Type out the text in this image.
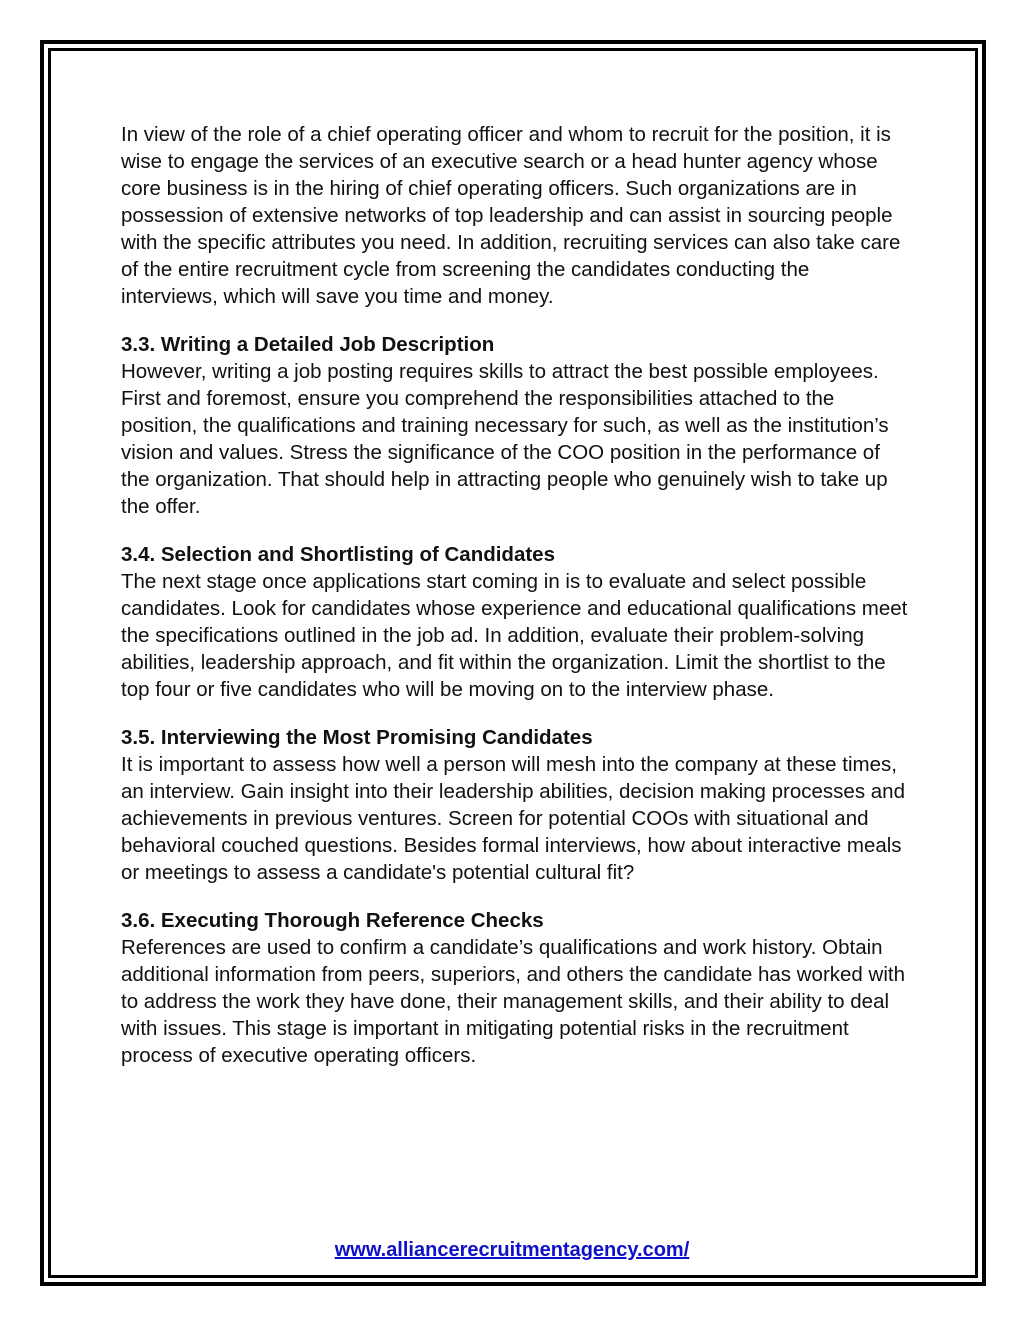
In view of the role of a chief operating officer and whom to recruit for the position, it is wise to engage the services of an executive search or a head hunter agency whose core business is in the hiring of chief operating officers. Such organizations are in possession of extensive networks of top leadership and can assist in sourcing people with the specific attributes you need. In addition, recruiting services can also take care of the entire recruitment cycle from screening the candidates conducting the interviews, which will save you time and money.

3.3. Writing a Detailed Job Description

However, writing a job posting requires skills to attract the best possible employees. First and foremost, ensure you comprehend the responsibilities attached to the position, the qualifications and training necessary for such, as well as the institution’s vision and values. Stress the significance of the COO position in the performance of the organization. That should help in attracting people who genuinely wish to take up the offer.

3.4. Selection and Shortlisting of Candidates

The next stage once applications start coming in is to evaluate and select possible candidates. Look for candidates whose experience and educational qualifications meet the specifications outlined in the job ad. In addition, evaluate their problem-solving abilities, leadership approach, and fit within the organization. Limit the shortlist to the top four or five candidates who will be moving on to the interview phase.

3.5. Interviewing the Most Promising Candidates

It is important to assess how well a person will mesh into the company at these times, an interview. Gain insight into their leadership abilities, decision making processes and achievements in previous ventures. Screen for potential COOs with situational and behavioral couched questions. Besides formal interviews, how about interactive meals or meetings to assess a candidate's potential cultural fit?

3.6. Executing Thorough Reference Checks

References are used to confirm a candidate’s qualifications and work history. Obtain additional information from peers, superiors, and others the candidate has worked with to address the work they have done, their management skills, and their ability to deal with issues. This stage is important in mitigating potential risks in the recruitment process of executive operating officers.

www.alliancerecruitmentagency.com/
